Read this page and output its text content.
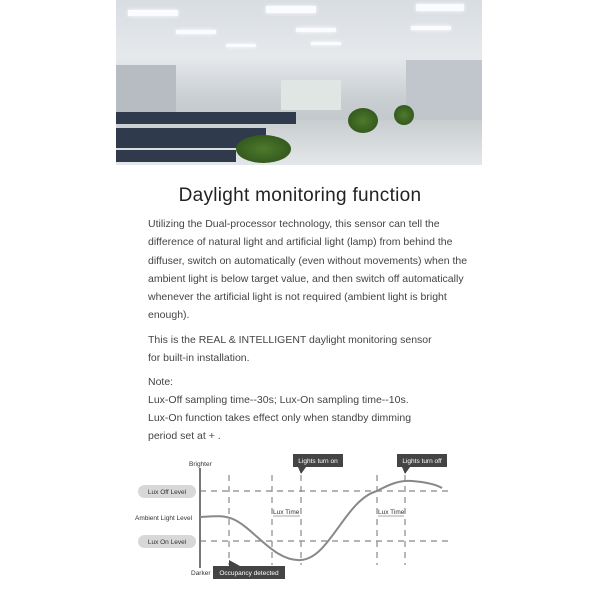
Daylight monitoring function

Utilizing the Dual-processor technology, this sensor can tell the difference of natural light and artificial light (lamp) from behind the diffuser, switch on automatically (even without movements) when the ambient light is below target value, and then switch off automatically whenever the artificial light is not required (ambient light is bright enough).

This is the REAL & INTELLIGENT daylight monitoring sensor for built-in installation.

Note:

Lux-Off sampling time--30s; Lux-On sampling time--10s.

Lux-On function takes effect only when standby dimming period set at + .

Brighter
Darker
Ambient Light Level
Lux Time	Lux Time
Lux Off Level
Lux On Level
Lights turn on	Lights turn off
Occupancy detected
